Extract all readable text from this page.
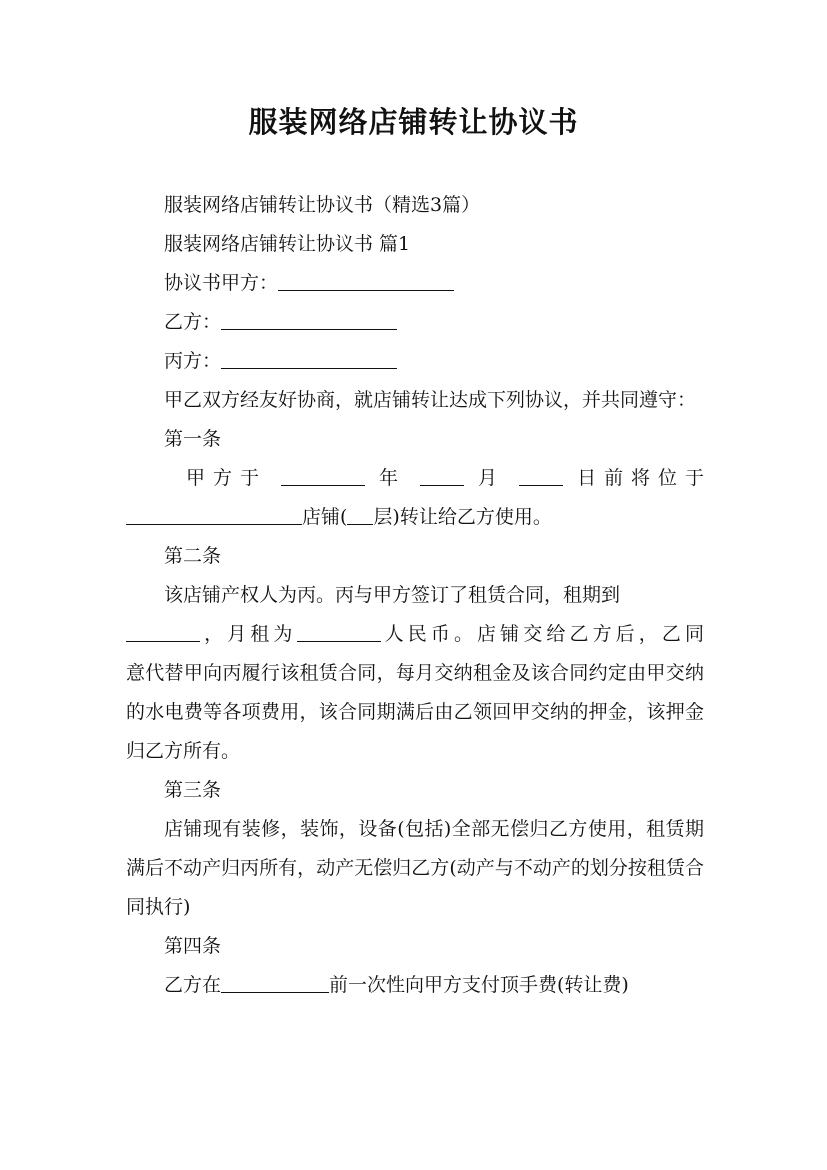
服装网络店铺转让协议书

服装网络店铺转让协议书（精选3篇）

服装网络店铺转让协议书 篇1

协议书甲方：

乙方：

丙方：

甲乙双方经友好协商，就店铺转让达成下列协议，并共同遵守：

第一条

甲方于	年	月	日前将位于

店铺( 层)转让给乙方使用。

第二条

该店铺产权人为丙。丙与甲方签订了租赁合同，租期到

，月租为	人民币。店铺交给乙方后，乙同

意代替甲向丙履行该租赁合同，每月交纳租金及该合同约定由甲交纳的水电费等各项费用，该合同期满后由乙领回甲交纳的押金，该押金归乙方所有。

第三条

店铺现有装修，装饰，设备(包括)全部无偿归乙方使用，租赁期满后不动产归丙所有，动产无偿归乙方(动产与不动产的划分按租赁合同执行)

第四条

乙方在	前一次性向甲方支付顶手费(转让费)
